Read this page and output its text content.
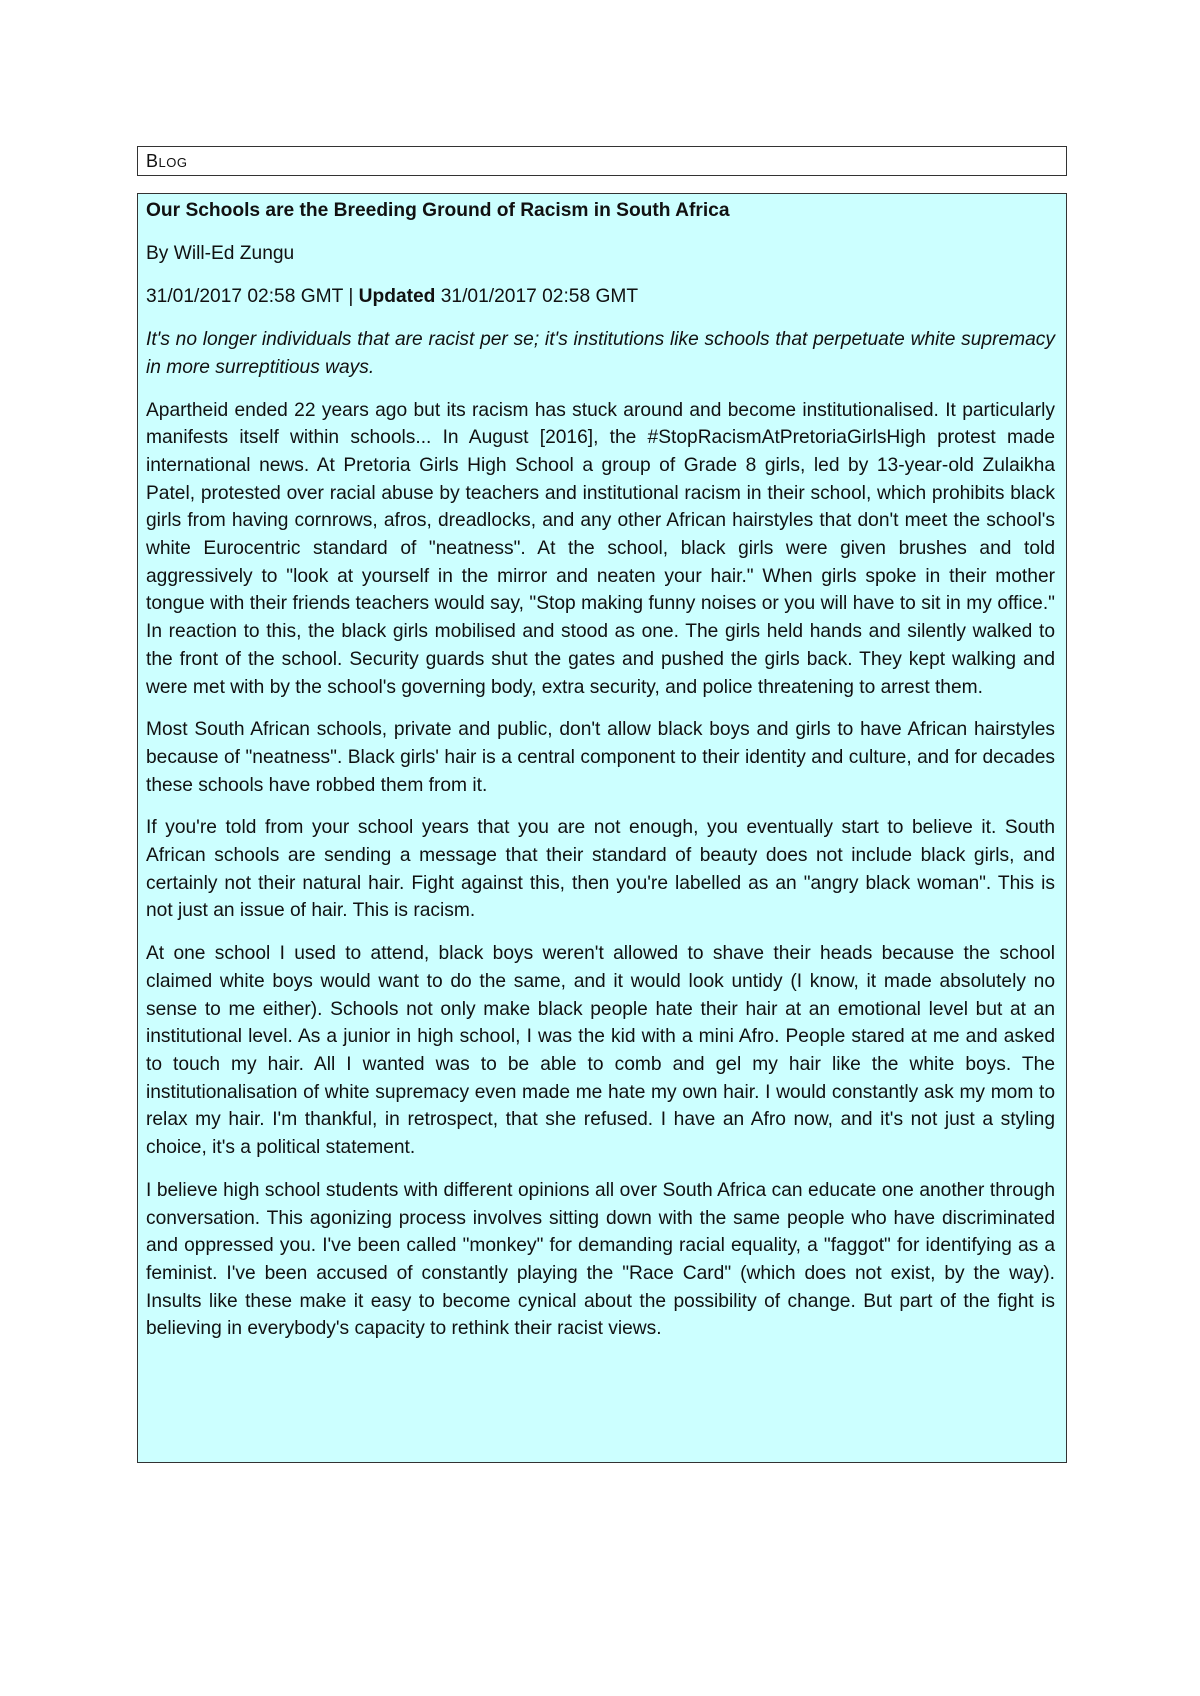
Blog
Our Schools are the Breeding Ground of Racism in South Africa
By Will-Ed Zungu
31/01/2017 02:58 GMT | Updated 31/01/2017 02:58 GMT
It's no longer individuals that are racist per se; it's institutions like schools that perpetuate white supremacy in more surreptitious ways.
Apartheid ended 22 years ago but its racism has stuck around and become institutionalised. It particularly manifests itself within schools... In August [2016], the #StopRacismAtPretoriaGirlsHigh protest made international news. At Pretoria Girls High School a group of Grade 8 girls, led by 13-year-old Zulaikha Patel, protested over racial abuse by teachers and institutional racism in their school, which prohibits black girls from having cornrows, afros, dreadlocks, and any other African hairstyles that don't meet the school's white Eurocentric standard of "neatness". At the school, black girls were given brushes and told aggressively to "look at yourself in the mirror and neaten your hair." When girls spoke in their mother tongue with their friends teachers would say, "Stop making funny noises or you will have to sit in my office." In reaction to this, the black girls mobilised and stood as one. The girls held hands and silently walked to the front of the school. Security guards shut the gates and pushed the girls back. They kept walking and were met with by the school's governing body, extra security, and police threatening to arrest them.
Most South African schools, private and public, don't allow black boys and girls to have African hairstyles because of "neatness". Black girls' hair is a central component to their identity and culture, and for decades these schools have robbed them from it.
If you're told from your school years that you are not enough, you eventually start to believe it. South African schools are sending a message that their standard of beauty does not include black girls, and certainly not their natural hair. Fight against this, then you're labelled as an "angry black woman". This is not just an issue of hair. This is racism.
At one school I used to attend, black boys weren't allowed to shave their heads because the school claimed white boys would want to do the same, and it would look untidy (I know, it made absolutely no sense to me either). Schools not only make black people hate their hair at an emotional level but at an institutional level. As a junior in high school, I was the kid with a mini Afro. People stared at me and asked to touch my hair. All I wanted was to be able to comb and gel my hair like the white boys. The institutionalisation of white supremacy even made me hate my own hair. I would constantly ask my mom to relax my hair. I'm thankful, in retrospect, that she refused. I have an Afro now, and it's not just a styling choice, it's a political statement.
I believe high school students with different opinions all over South Africa can educate one another through conversation. This agonizing process involves sitting down with the same people who have discriminated and oppressed you. I've been called "monkey" for demanding racial equality, a "faggot" for identifying as a feminist. I've been accused of constantly playing the "Race Card" (which does not exist, by the way). Insults like these make it easy to become cynical about the possibility of change. But part of the fight is believing in everybody's capacity to rethink their racist views.
